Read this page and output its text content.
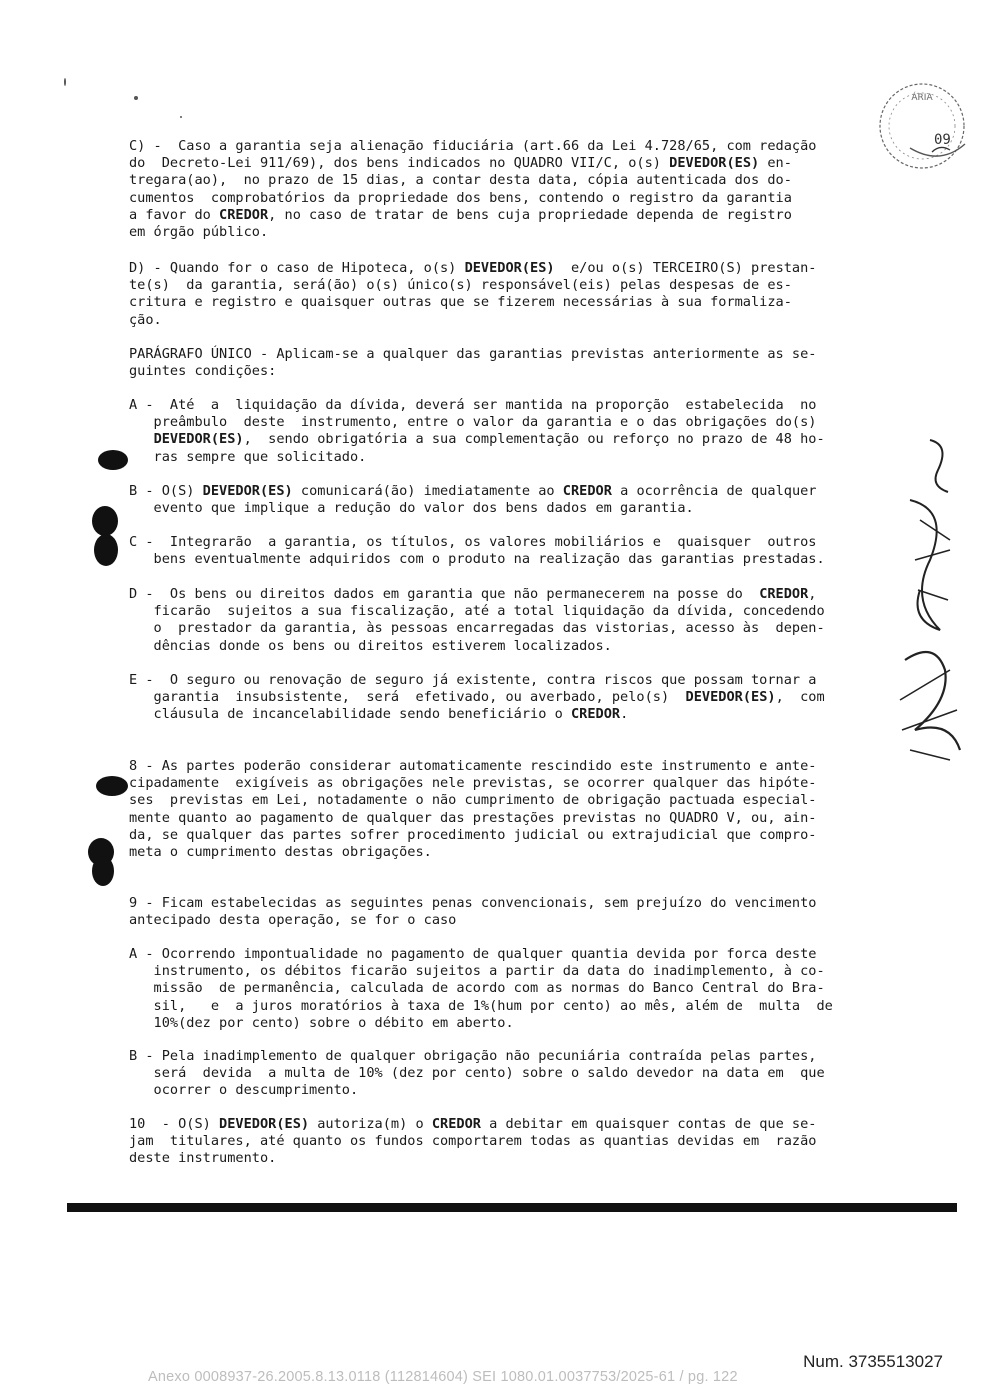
ÁRIA
09
C) -  Caso a garantia seja alienação fiduciária (art.66 da Lei 4.728/65, com redação
do  Decreto-Lei 911/69), dos bens indicados no QUADRO VII/C, o(s) DEVEDOR(ES) en-
tregara(ao),  no prazo de 15 dias, a contar desta data, cópia autenticada dos do-
cumentos  comprobatórios da propriedade dos bens, contendo o registro da garantia
a favor do CREDOR, no caso de tratar de bens cuja propriedade dependa de registro
em órgão público.
D) - Quando for o caso de Hipoteca, o(s) DEVEDOR(ES)  e/ou o(s) TERCEIRO(S) prestan-
te(s)  da garantia, será(ão) o(s) único(s) responsável(eis) pelas despesas de es-
critura e registro e quaisquer outras que se fizerem necessárias à sua formaliza-
ção.
PARÁGRAFO ÚNICO - Aplicam-se a qualquer das garantias previstas anteriormente as se-
guintes condições:
A -  Até  a  liquidação da dívida, deverá ser mantida na proporção  estabelecida  no
preâmbulo  deste  instrumento, entre o valor da garantia e o das obrigações do(s)
DEVEDOR(ES),  sendo obrigatória a sua complementação ou reforço no prazo de 48 ho-
ras sempre que solicitado.
B - O(S) DEVEDOR(ES) comunicará(ão) imediatamente ao CREDOR a ocorrência de qualquer
evento que implique a redução do valor dos bens dados em garantia.
C -  Integrarão  a garantia, os títulos, os valores mobiliários e  quaisquer  outros
bens eventualmente adquiridos com o produto na realização das garantias prestadas.
D -  Os bens ou direitos dados em garantia que não permanecerem na posse do  CREDOR,
ficarão  sujeitos a sua fiscalização, até a total liquidação da dívida, concedendo
o  prestador da garantia, às pessoas encarregadas das vistorias, acesso às  depen-
dências donde os bens ou direitos estiverem localizados.
E -  O seguro ou renovação de seguro já existente, contra riscos que possam tornar a
garantia  insubsistente,  será  efetivado, ou averbado, pelo(s)  DEVEDOR(ES),  com
cláusula de incancelabilidade sendo beneficiário o CREDOR.
8 - As partes poderão considerar automaticamente rescindido este instrumento e ante-
cipadamente  exigíveis as obrigações nele previstas, se ocorrer qualquer das hipóte-
ses  previstas em Lei, notadamente o não cumprimento de obrigação pactuada especial-
mente quanto ao pagamento de qualquer das prestações previstas no QUADRO V, ou, ain-
da, se qualquer das partes sofrer procedimento judicial ou extrajudicial que compro-
meta o cumprimento destas obrigações.
9 - Ficam estabelecidas as seguintes penas convencionais, sem prejuízo do vencimento
antecipado desta operação, se for o caso
A - Ocorrendo impontualidade no pagamento de qualquer quantia devida por forca deste
instrumento, os débitos ficarão sujeitos a partir da data do inadimplemento, à co-
missão  de permanência, calculada de acordo com as normas do Banco Central do Bra-
sil,   e  a juros moratórios à taxa de 1%(hum por cento) ao mês, além de  multa  de
10%(dez por cento) sobre o débito em aberto.
B - Pela inadimplemento de qualquer obrigação não pecuniária contraída pelas partes,
será  devida  a multa de 10% (dez por cento) sobre o saldo devedor na data em  que
ocorrer o descumprimento.
10  - O(S) DEVEDOR(ES) autoriza(m) o CREDOR a debitar em quaisquer contas de que se-
jam  titulares, até quanto os fundos comportarem todas as quantias devidas em  razão
deste instrumento.
Num. 3735513027
Anexo 0008937-26.2005.8.13.0118 (112814604) SEI 1080.01.0037753/2025-61 / pg. 122
